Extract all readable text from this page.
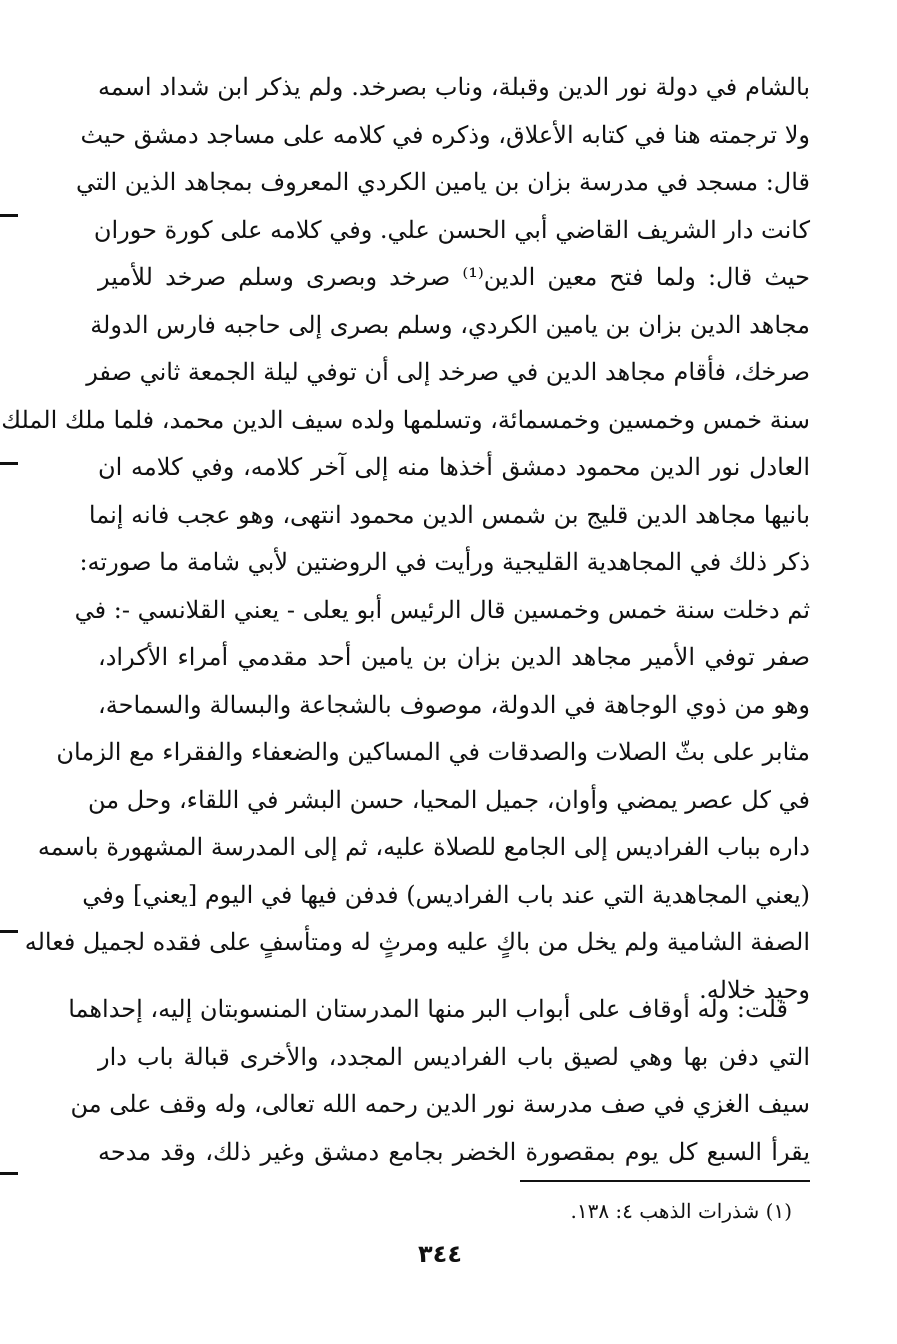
بالشام في دولة نور الدين وقبلة، وناب بصرخد. ولم يذكر ابن شداد اسمه
ولا ترجمته هنا في كتابه الأعلاق، وذكره في كلامه على مساجد دمشق حيث
قال: مسجد في مدرسة بزان بن يامين الكردي المعروف بمجاهد الذين التي
كانت دار الشريف القاضي أبي الحسن علي. وفي كلامه على كورة حوران
حيث قال: ولما فتح معين الدين⁽¹⁾ صرخد وبصرى وسلم صرخد للأمير
مجاهد الدين بزان بن يامين الكردي، وسلم بصرى إلى حاجبه فارس الدولة
صرخك، فأقام مجاهد الدين في صرخد إلى أن توفي ليلة الجمعة ثاني صفر
سنة خمس وخمسين وخمسمائة، وتسلمها ولده سيف الدين محمد، فلما ملك الملك
العادل نور الدين محمود دمشق أخذها منه إلى آخر كلامه، وفي كلامه ان
بانيها مجاهد الدين قليج بن شمس الدين محمود انتهى، وهو عجب فانه إنما
ذكر ذلك في المجاهدية القليجية ورأيت في الروضتين لأبي شامة ما صورته:
ثم دخلت سنة خمس وخمسين قال الرئيس أبو يعلى - يعني القلانسي -: في
صفر توفي الأمير مجاهد الدين بزان بن يامين أحد مقدمي أمراء الأكراد،
وهو من ذوي الوجاهة في الدولة، موصوف بالشجاعة والبسالة والسماحة،
مثابر على بثّ الصلات والصدقات في المساكين والضعفاء والفقراء مع الزمان
في كل عصر يمضي وأوان، جميل المحيا، حسن البشر في اللقاء، وحل من
داره بباب الفراديس إلى الجامع للصلاة عليه، ثم إلى المدرسة المشهورة باسمه
(يعني المجاهدية التي عند باب الفراديس) فدفن فيها في اليوم [يعني] وفي
الصفة الشامية ولم يخل من باكٍ عليه ومرثٍ له ومتأسفٍ على فقده لجميل فعاله
وحيد خلاله.
قلت: وله أوقاف على أبواب البر منها المدرستان المنسوبتان إليه، إحداهما
التي دفن بها وهي لصيق باب الفراديس المجدد، والأخرى قبالة باب دار
سيف الغزي في صف مدرسة نور الدين رحمه الله تعالى، وله وقف على من
يقرأ السبع كل يوم بمقصورة الخضر بجامع دمشق وغير ذلك، وقد مدحه
(١) شذرات الذهب ٤: ١٣٨.
٣٤٤
